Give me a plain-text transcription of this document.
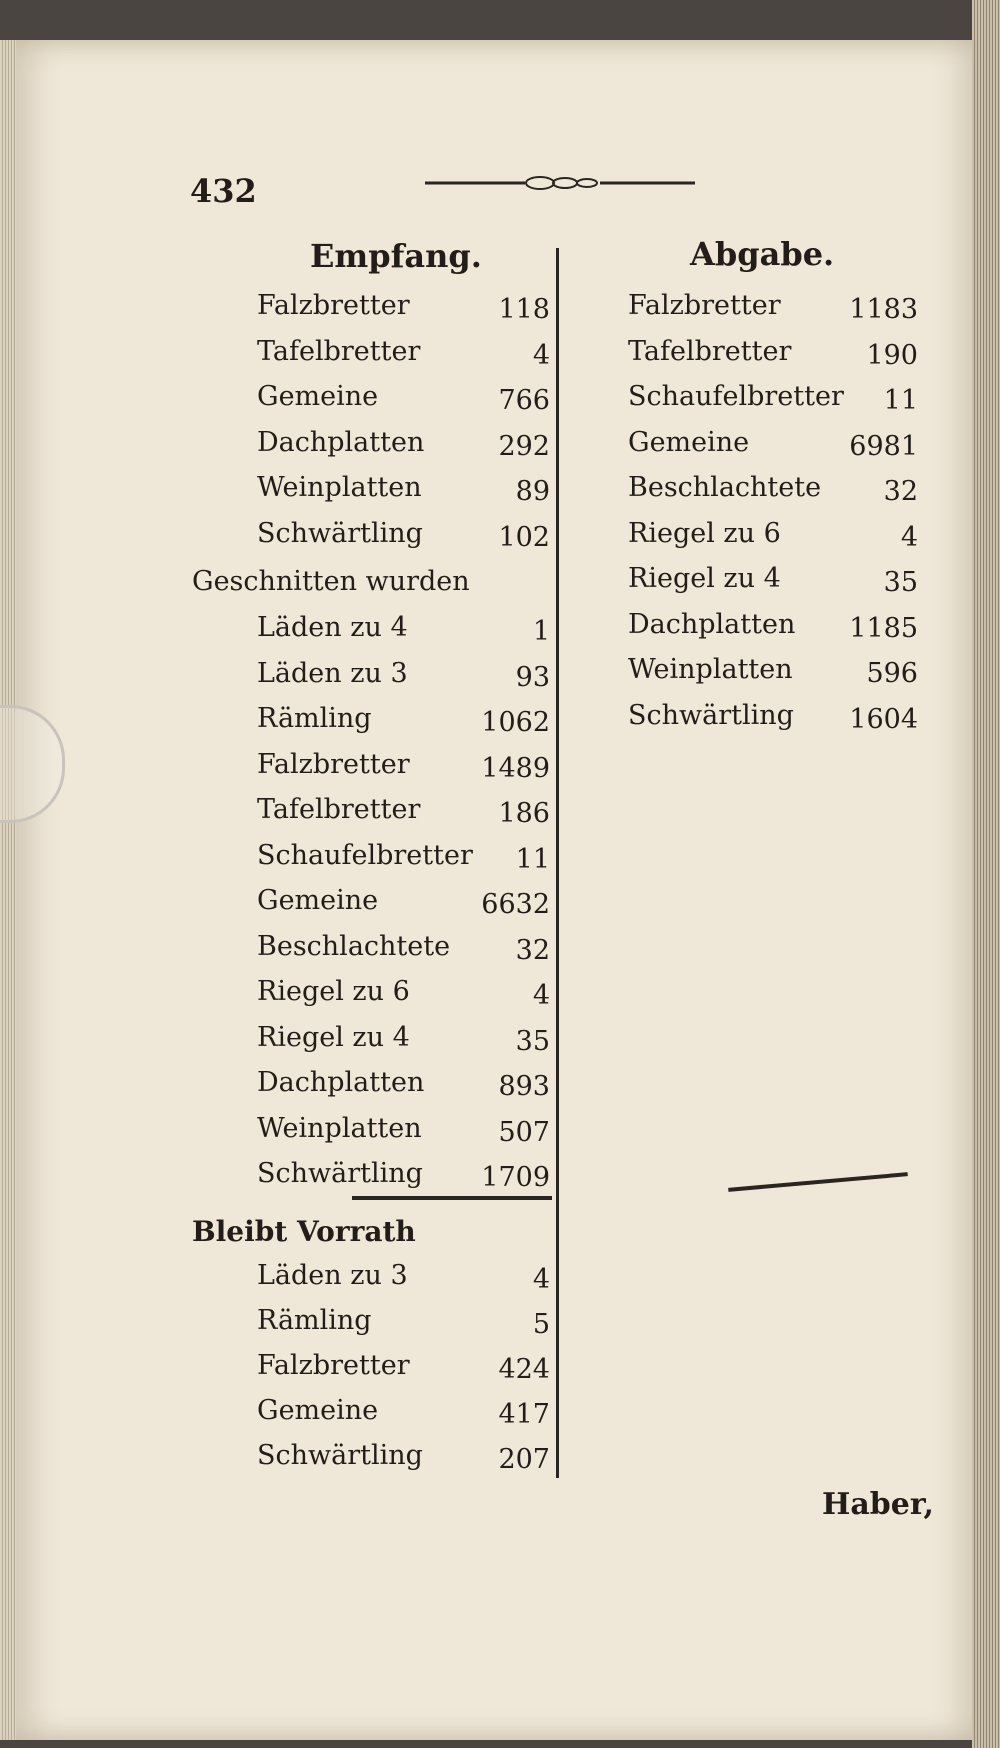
432
Empfang.	Abgabe.
Falzbretter	118
Tafelbretter	4
Gemeine	766
Dachplatten	292
Weinplatten	89
Schwärtling	102
Geschnitten wurden
Läden zu 4	1
Läden zu 3	93
Rämling	1062
Falzbretter	1489
Tafelbretter	186
Schaufelbretter	11
Gemeine	6632
Beschlachtete	32
Riegel zu 6	4
Riegel zu 4	35
Dachplatten	893
Weinplatten	507
Schwärtling	1709
Bleibt Vorrath
Läden zu 3	4
Rämling	5
Falzbretter	424
Gemeine	417
Schwärtling	207
Falzbretter	1183
Tafelbretter	190
Schaufelbretter	11
Gemeine	6981
Beschlachtete	32
Riegel zu 6	4
Riegel zu 4	35
Dachplatten	1185
Weinplatten	596
Schwärtling	1604
Haber,
